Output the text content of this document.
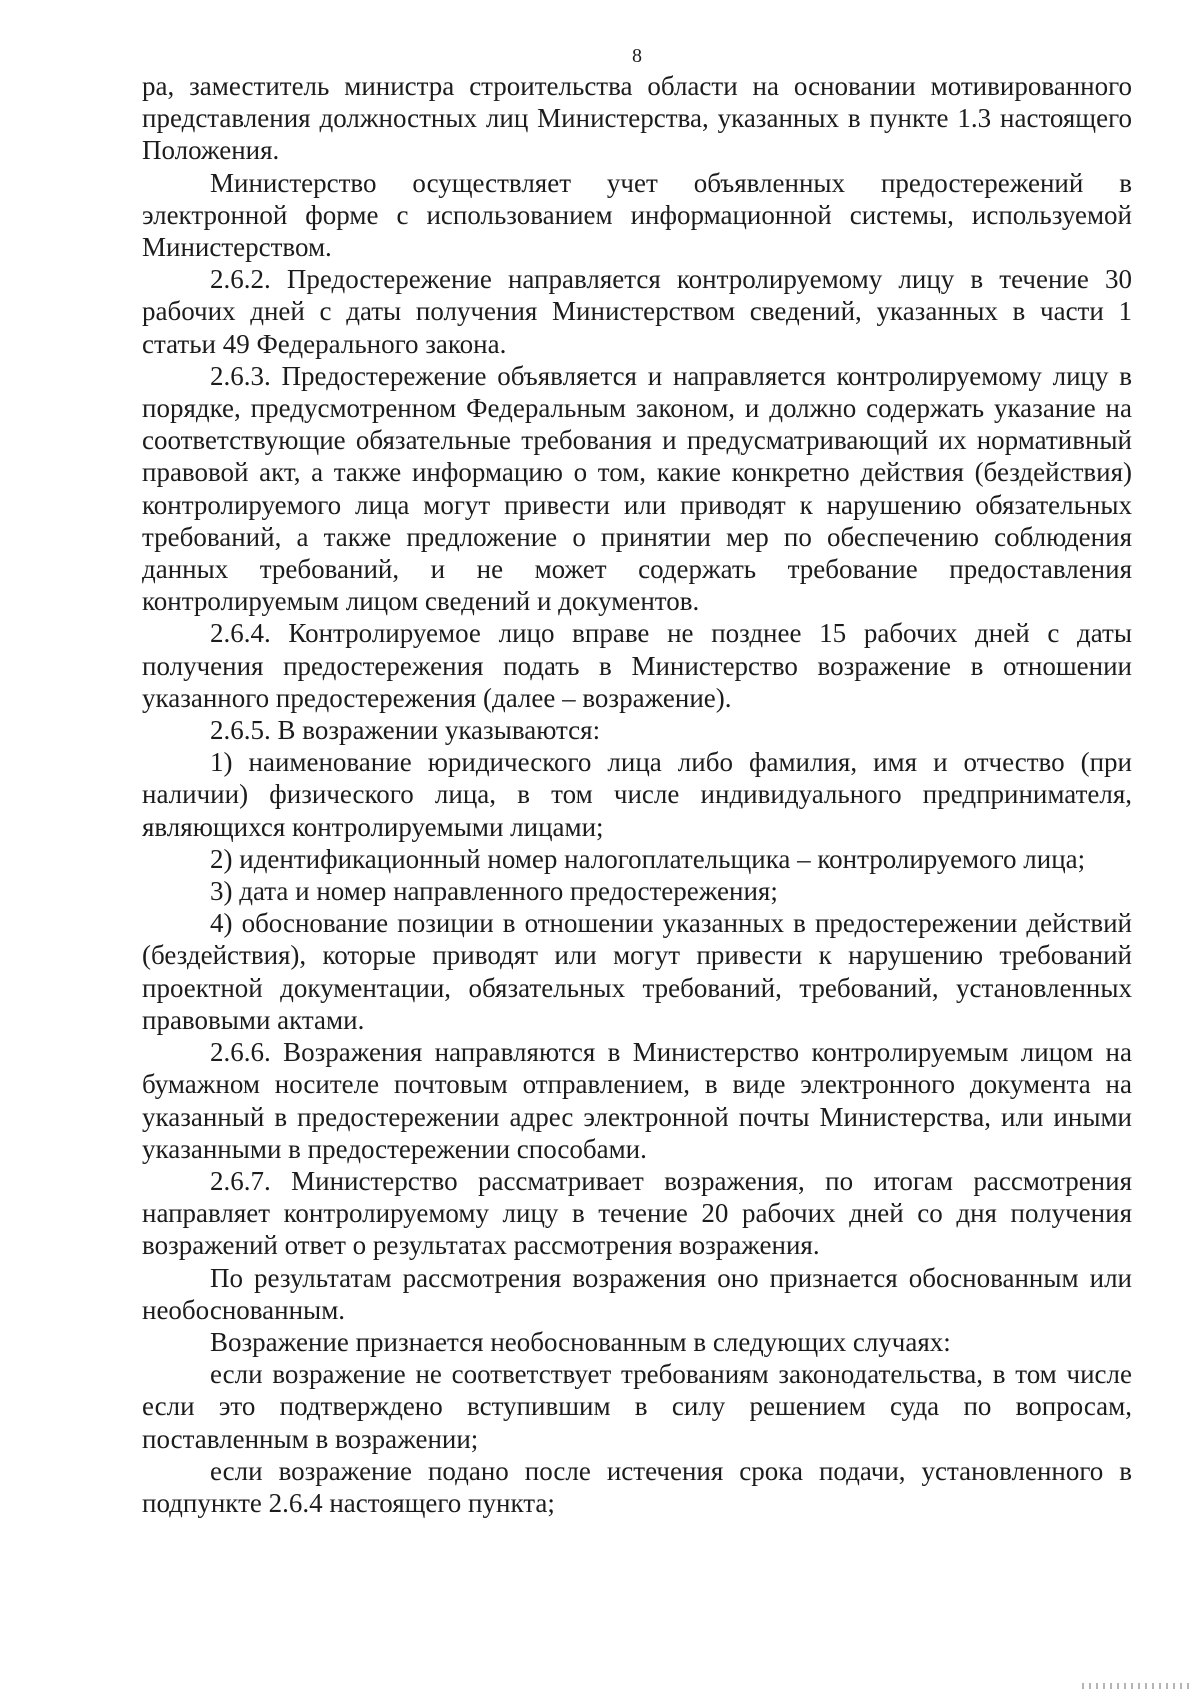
8

ра, заместитель министра строительства области на основании мотивированного представления должностных лиц Министерства, указанных в пункте 1.3 настоящего Положения.

Министерство осуществляет учет объявленных предостережений в электронной форме с использованием информационной системы, используемой Министерством.

2.6.2. Предостережение направляется контролируемому лицу в течение 30 рабочих дней с даты получения Министерством сведений, указанных в части 1 статьи 49 Федерального закона.

2.6.3. Предостережение объявляется и направляется контролируемому лицу в порядке, предусмотренном Федеральным законом, и должно содержать указание на соответствующие обязательные требования и предусматривающий их нормативный правовой акт, а также информацию о том, какие конкретно действия (бездействия) контролируемого лица могут привести или приводят к нарушению обязательных требований, а также предложение о принятии мер по обеспечению соблюдения данных требований, и не может содержать требование предоставления контролируемым лицом сведений и документов.

2.6.4. Контролируемое лицо вправе не позднее 15 рабочих дней с даты получения предостережения подать в Министерство возражение в отношении указанного предостережения (далее – возражение).

2.6.5. В возражении указываются:

1) наименование юридического лица либо фамилия, имя и отчество (при наличии) физического лица, в том числе индивидуального предпринимателя, являющихся контролируемыми лицами;

2) идентификационный номер налогоплательщика – контролируемого лица;

3) дата и номер направленного предостережения;

4) обоснование позиции в отношении указанных в предостережении действий (бездействия), которые приводят или могут привести к нарушению требований проектной документации, обязательных требований, требований, установленных правовыми актами.

2.6.6. Возражения направляются в Министерство контролируемым лицом на бумажном носителе почтовым отправлением, в виде электронного документа на указанный в предостережении адрес электронной почты Министерства, или иными указанными в предостережении способами.

2.6.7. Министерство рассматривает возражения, по итогам рассмотрения направляет контролируемому лицу в течение 20 рабочих дней со дня получения возражений ответ о результатах рассмотрения возражения.

По результатам рассмотрения возражения оно признается обоснованным или необоснованным.

Возражение признается необоснованным в следующих случаях:

если возражение не соответствует требованиям законодательства, в том числе если это подтверждено вступившим в силу решением суда по вопросам, поставленным в возражении;

если возражение подано после истечения срока подачи, установленного в подпункте 2.6.4 настоящего пункта;
